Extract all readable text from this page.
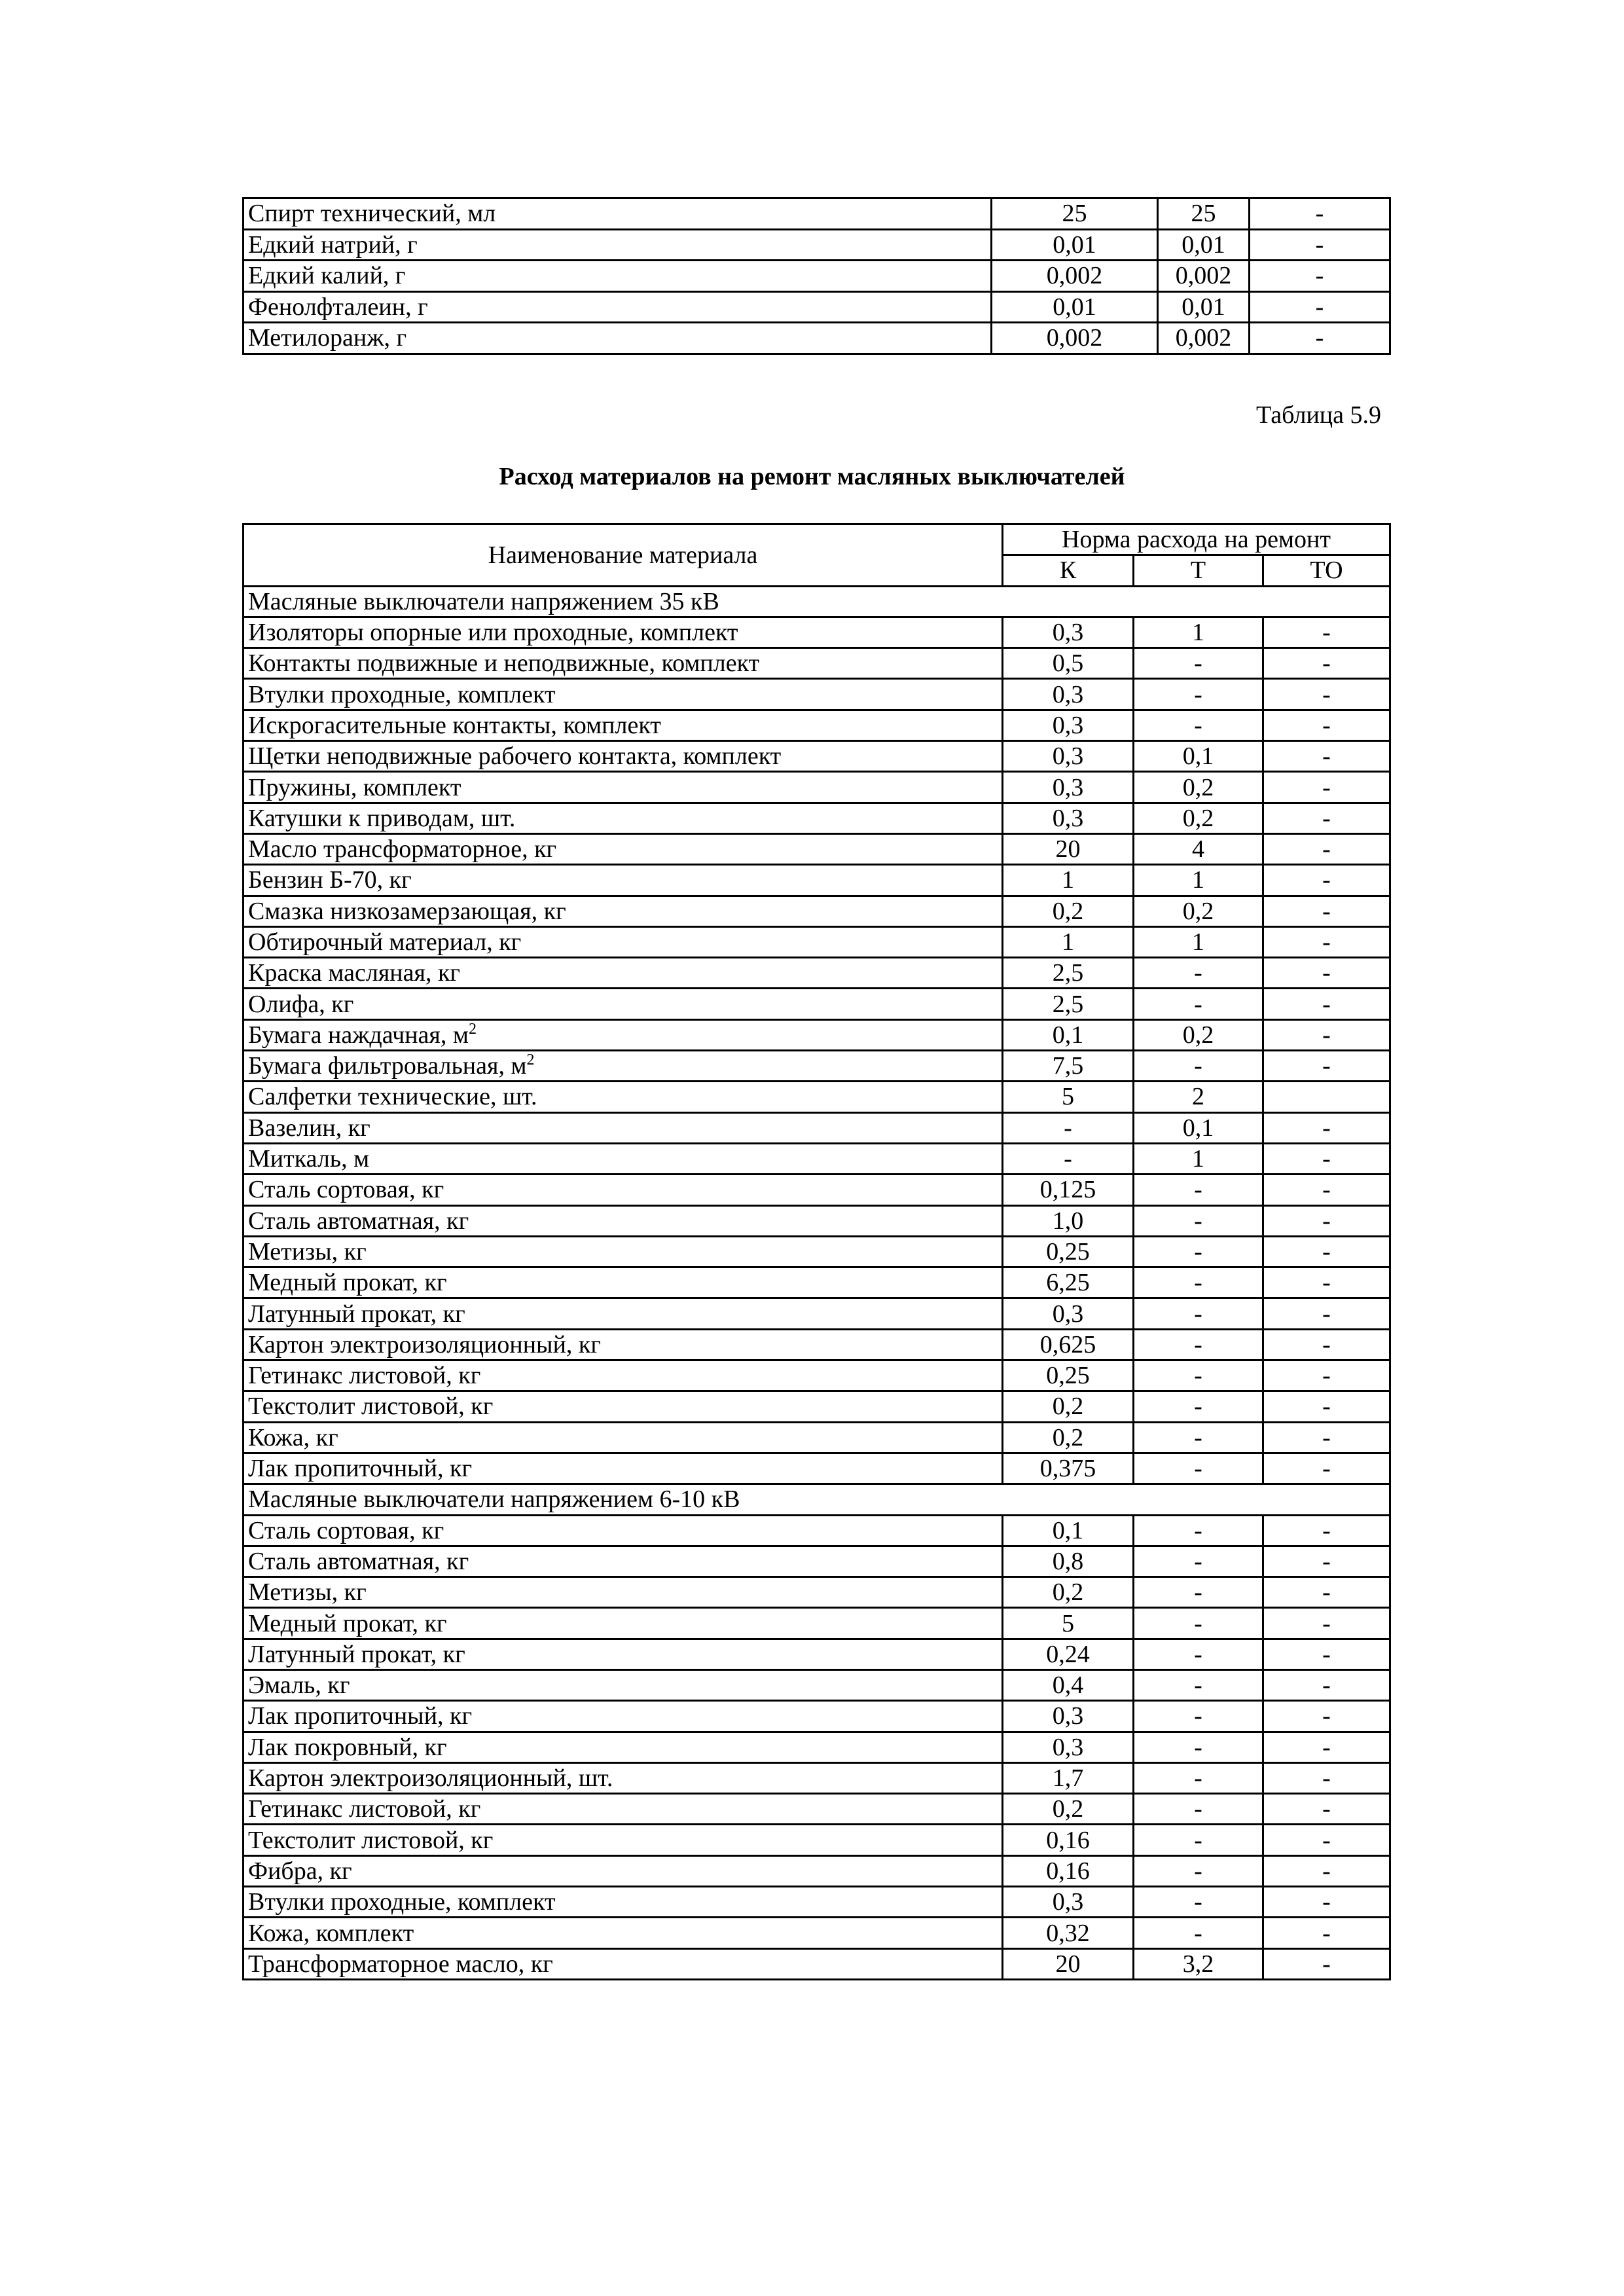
Спирт технический, мл	25	25	-
Едкий натрий, г	0,01	0,01	-
Едкий калий, г	0,002	0,002	-
Фенолфталеин, г	0,01	0,01	-
Метилоранж, г	0,002	0,002	-
Таблица 5.9
Расход материалов на ремонт масляных выключателей
Наименование материала	Норма расхода на ремонт		
	К	Т	ТО
Масляные выключатели напряжением 35 кВ			
Изоляторы опорные или проходные, комплект	0,3	1	-
Контакты подвижные и неподвижные, комплект	0,5	-	-
Втулки проходные, комплект	0,3	-	-
Искрогасительные контакты, комплект	0,3	-	-
Щетки неподвижные рабочего контакта, комплект	0,3	0,1	-
Пружины, комплект	0,3	0,2	-
Катушки к приводам, шт.	0,3	0,2	-
Масло трансформаторное, кг	20	4	-
Бензин Б-70, кг	1	1	-
Смазка низкозамерзающая, кг	0,2	0,2	-
Обтирочный материал, кг	1	1	-
Краска масляная, кг	2,5	-	-
Олифа, кг	2,5	-	-
Бумага наждачная, $м^2$	0,1	0,2	-
Бумага фильтровальная, $м^2$	7,5	-	-
Салфетки технические, шт.	5	2	
Вазелин, кг	-	0,1	-
Миткаль, м	-	1	-
Сталь сортовая, кг	0,125	-	-
Сталь автоматная, кг	1,0	-	-
Метизы, кг	0,25	-	-
Медный прокат, кг	6,25	-	-
Латунный прокат, кг	0,3	-	-
Картон электроизоляционный, кг	0,625	-	-
Гетинакс листовой, кг	0,25	-	-
Текстолит листовой, кг	0,2	-	-
Кожа, кг	0,2	-	-
Лак пропиточный, кг	0,375	-	-
Масляные выключатели напряжением 6-10 кВ			
Сталь сортовая, кг	0,1	-	-
Сталь автоматная, кг	0,8	-	-
Метизы, кг	0,2	-	-
Медный прокат, кг	5	-	-
Латунный прокат, кг	0,24	-	-
Эмаль, кг	0,4	-	-
Лак пропиточный, кг	0,3	-	-
Лак покровный, кг	0,3	-	-
Картон электроизоляционный, шт.	1,7	-	-
Гетинакс листовой, кг	0,2	-	-
Текстолит листовой, кг	0,16	-	-
Фибра, кг	0,16	-	-
Втулки проходные, комплект	0,3	-	-
Кожа, комплект	0,32	-	-
Трансформаторное масло, кг	20	3,2	-
